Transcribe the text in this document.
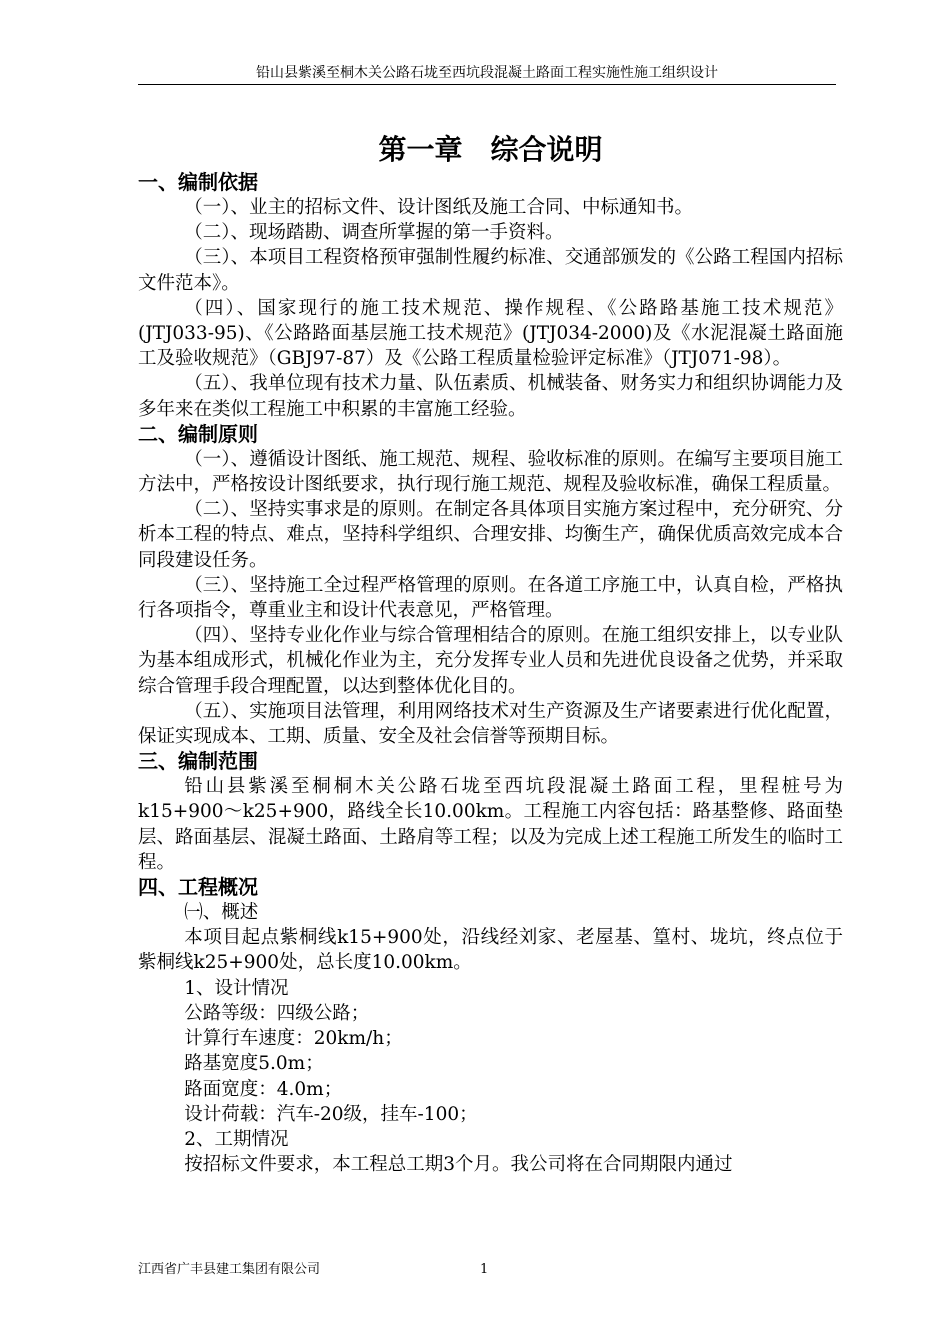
铅山县紫溪至桐木关公路石垅至西坑段混凝土路面工程实施性施工组织设计
第一章　综合说明
一、编制依据

（一）、业主的招标文件、设计图纸及施工合同、中标通知书。

（二）、现场踏勘、调查所掌握的第一手资料。

（三）、本项目工程资格预审强制性履约标准、交通部颁发的《公路工程国内招标文件范本》。

（四）、国家现行的施工技术规范、操作规程、《公路路基施工技术规范》(JTJ033-95)、《公路路面基层施工技术规范》(JTJ034-2000)及《水泥混凝土路面施工及验收规范》（GBJ97-87）及《公路工程质量检验评定标准》（JTJ071-98）。

（五）、我单位现有技术力量、队伍素质、机械装备、财务实力和组织协调能力及多年来在类似工程施工中积累的丰富施工经验。

二、编制原则

（一）、遵循设计图纸、施工规范、规程、验收标准的原则。在编写主要项目施工方法中，严格按设计图纸要求，执行现行施工规范、规程及验收标准，确保工程质量。

（二）、坚持实事求是的原则。在制定各具体项目实施方案过程中，充分研究、分析本工程的特点、难点，坚持科学组织、合理安排、均衡生产，确保优质高效完成本合同段建设任务。

（三）、坚持施工全过程严格管理的原则。在各道工序施工中，认真自检，严格执行各项指令，尊重业主和设计代表意见，严格管理。

（四）、坚持专业化作业与综合管理相结合的原则。在施工组织安排上，以专业队为基本组成形式，机械化作业为主，充分发挥专业人员和先进优良设备之优势，并采取综合管理手段合理配置，以达到整体优化目的。

（五）、实施项目法管理，利用网络技术对生产资源及生产诸要素进行优化配置，保证实现成本、工期、质量、安全及社会信誉等预期目标。

三、编制范围

铅山县紫溪至桐桐木关公路石垅至西坑段混凝土路面工程，里程桩号为k15+900～k25+900，路线全长10.00km。工程施工内容包括：路基整修、路面垫层、路面基层、混凝土路面、土路肩等工程；以及为完成上述工程施工所发生的临时工程。

四、工程概况

㈠、概述

本项目起点紫桐线k15+900处，沿线经刘家、老屋基、篁村、垅坑，终点位于紫桐线k25+900处，总长度10.00km。

1、设计情况

公路等级：四级公路；

计算行车速度：20km/h；

路基宽度5.0m；

路面宽度：4.0m；

设计荷载：汽车-20级，挂车-100；

2、工期情况

按招标文件要求，本工程总工期3个月。我公司将在合同期限内通过

江西省广丰县建工集团有限公司	1
